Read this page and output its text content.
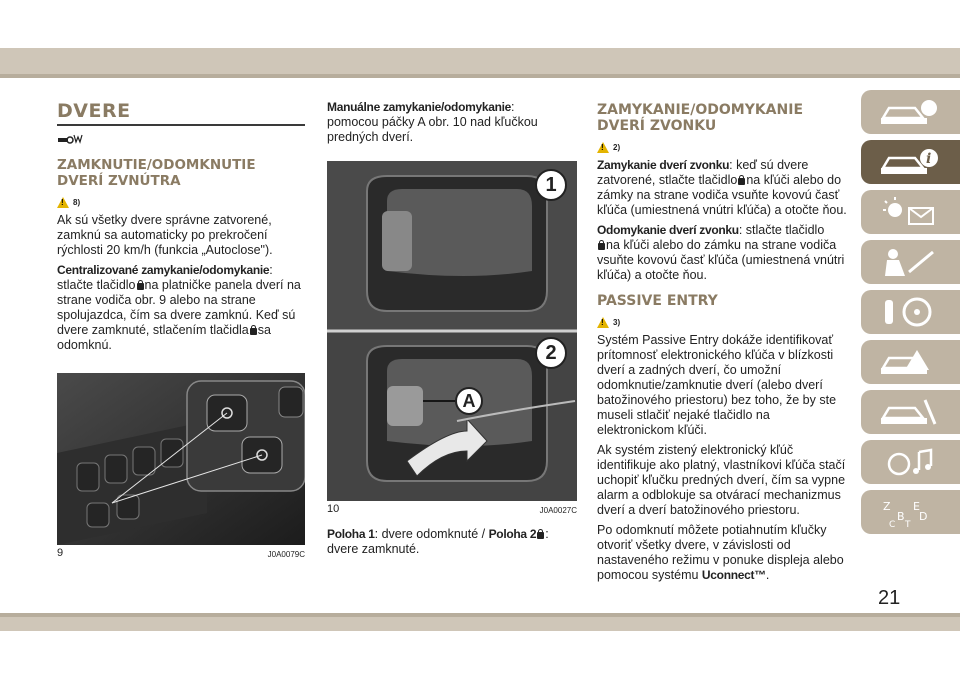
DVERE
ZAMKNUTIE/ODOMKNUTIE DVERÍ ZVNÚTRA
!
8)

Ak sú všetky dvere správne zatvorené, zamknú sa automaticky po prekročení rýchlosti 20 km/h (funkcia „Autoclose").

Centralizované zamykanie/odomykanie:
stlačte tlačidlo na platničke panela dverí na strane vodiča obr. 9 alebo na strane spolujazdca, čím sa dvere zamknú. Keď sú dvere zamknuté, stlačením tlačidla sa odomknú.

9	J0A0079C

Manuálne zamykanie/odomykanie:
pomocou páčky A obr. 10 nad kľučkou predných dverí.

1
2
A
10	J0A0027C

Poloha 1: dvere odomknuté / Poloha 2 :
dvere zamknuté.

ZAMYKANIE/ODOMYKANIE DVERÍ ZVONKU
!
2)

Zamykanie dverí zvonku: keď sú dvere zatvorené, stlačte tlačidlo na kľúči alebo do zámky na strane vodiča vsuňte kovovú časť kľúča (umiestnená vnútri kľúča) a otočte ňou.

Odomykanie dverí zvonku: stlačte tlačidlo
na kľúči alebo do zámku na strane vodiča vsuňte kovovú časť kľúča (umiestnená vnútri kľúča) a otočte ňou.

PASSIVE ENTRY
!
3)

Systém Passive Entry dokáže identifikovať prítomnosť elektronického kľúča v blízkosti dverí a zadných dverí, čo umožní odomknutie/zamknutie dverí (alebo dverí batožinového priestoru) bez toho, že by ste museli stlačiť nejaké tlačidlo na elektronickom kľúči.

Ak systém zistený elektronický kľúč identifikuje ako platný, vlastníkovi kľúča stačí uchopiť kľučku predných dverí, čím sa vypne alarm a odblokuje sa otvárací mechanizmus dverí a dverí batožinového priestoru.

Po odomknutí môžete potiahnutím kľučky otvoriť všetky dvere, v závislosti od nastaveného režimu v ponuke displeja alebo pomocou systému Uconnect™.

i
Z E
B D
C T
21
